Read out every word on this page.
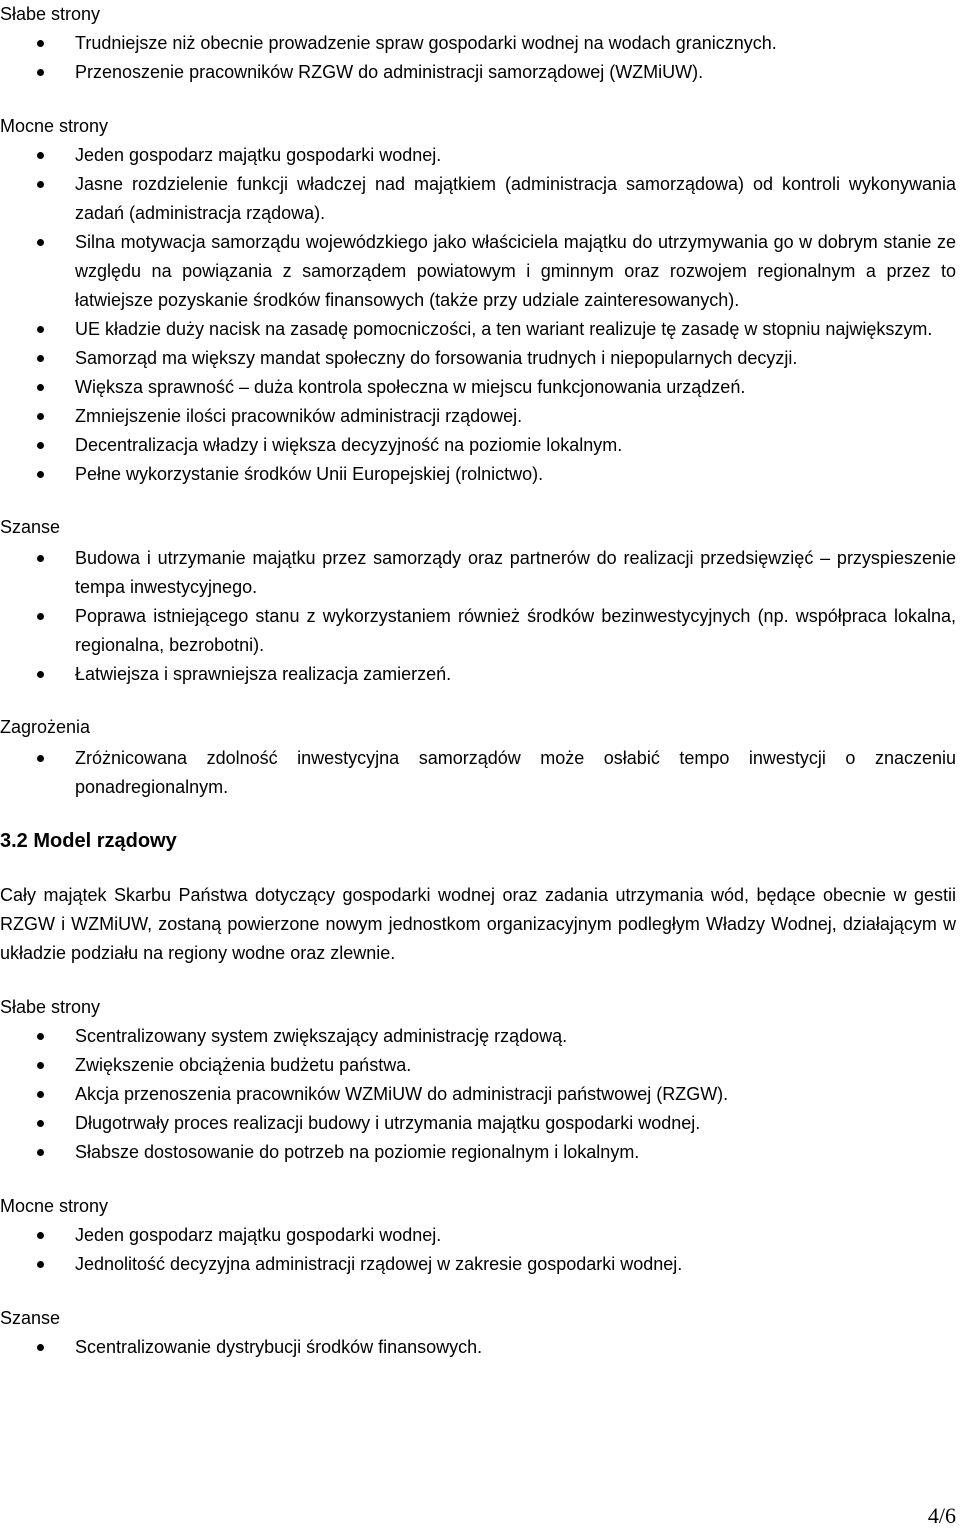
Słabe strony

Trudniejsze niż obecnie prowadzenie spraw gospodarki wodnej na wodach granicznych.
Przenoszenie pracowników RZGW do administracji samorządowej (WZMiUW).

Mocne strony

Jeden gospodarz majątku gospodarki wodnej.
Jasne rozdzielenie funkcji władczej nad majątkiem (administracja samorządowa) od kontroli wykonywania zadań (administracja rządowa).
Silna motywacja samorządu wojewódzkiego jako właściciela majątku do utrzymywania go w dobrym stanie ze względu na powiązania z samorządem powiatowym i gminnym oraz rozwojem regionalnym a przez to łatwiejsze pozyskanie środków finansowych (także przy udziale zainteresowanych).
UE kładzie duży nacisk na zasadę pomocniczości, a ten wariant realizuje tę zasadę w stopniu największym.
Samorząd ma większy mandat społeczny do forsowania trudnych i niepopularnych decyzji.
Większa sprawność – duża kontrola społeczna w miejscu funkcjonowania urządzeń.
Zmniejszenie ilości pracowników administracji rządowej.
Decentralizacja władzy i większa decyzyjność na poziomie lokalnym.
Pełne wykorzystanie środków Unii Europejskiej (rolnictwo).

Szanse

Budowa i utrzymanie majątku przez samorządy oraz partnerów do realizacji przedsięwzięć – przyspieszenie tempa inwestycyjnego.
Poprawa istniejącego stanu z wykorzystaniem również środków bezinwestycyjnych (np. współpraca lokalna, regionalna, bezrobotni).
Łatwiejsza i sprawniejsza realizacja zamierzeń.

Zagrożenia

Zróżnicowana zdolność inwestycyjna samorządów może osłabić tempo inwestycji o znaczeniu ponadregionalnym.

3.2 Model rządowy

Cały majątek Skarbu Państwa dotyczący gospodarki wodnej oraz zadania utrzymania wód, będące obecnie w gestii RZGW i WZMiUW, zostaną powierzone nowym jednostkom organizacyjnym podległym Władzy Wodnej, działającym w układzie podziału na regiony wodne oraz zlewnie.

Słabe strony

Scentralizowany system zwiększający administrację rządową.
Zwiększenie obciążenia budżetu państwa.
Akcja przenoszenia pracowników WZMiUW do administracji państwowej (RZGW).
Długotrwały proces realizacji budowy i utrzymania majątku gospodarki wodnej.
Słabsze dostosowanie do potrzeb na poziomie regionalnym i lokalnym.

Mocne strony

Jeden gospodarz majątku gospodarki wodnej.
Jednolitość decyzyjna administracji rządowej w zakresie gospodarki wodnej.

Szanse

Scentralizowanie dystrybucji środków finansowych.
4/6
